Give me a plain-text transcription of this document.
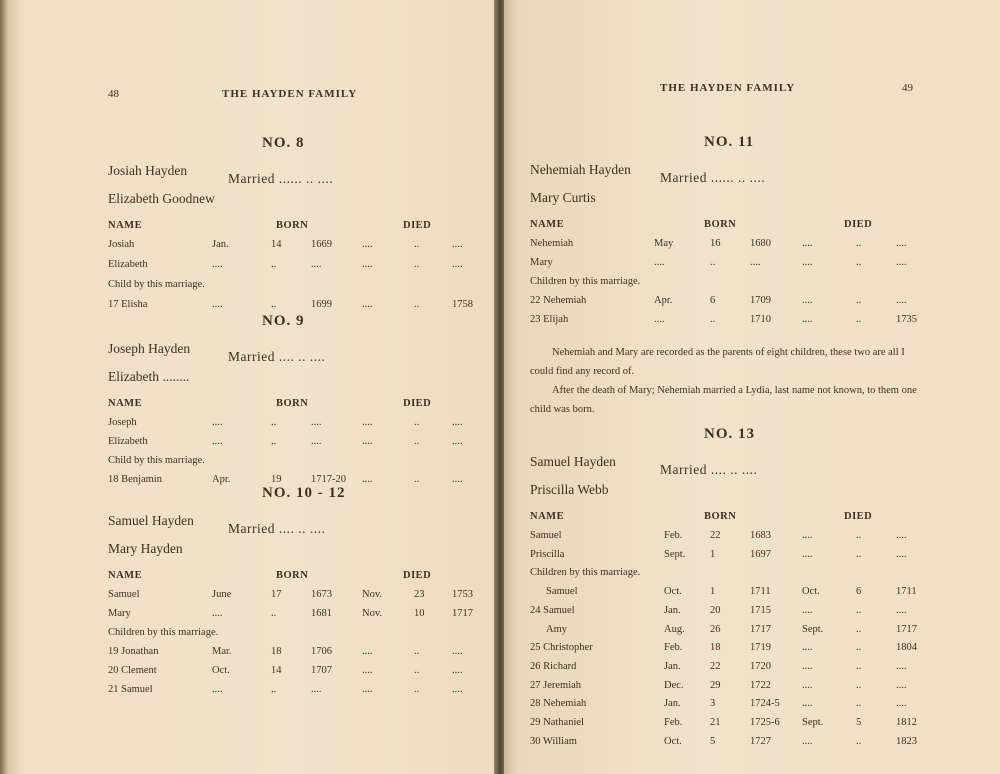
48	THE HAYDEN FAMILY
NO. 8
Josiah Hayden
Married ...... .. ....
Elizabeth Goodnew
NAME	BORN	DIED
Josiah	Jan.	14	1669	....	..	....
Elizabeth	....	..	....	....	..	....
Child by this marriage.
17 Elisha	....	..	1699	....	..	1758
NO. 9
Joseph Hayden
Married .... .. ....
Elizabeth ........
NAME	BORN	DIED
Joseph	....	..	....	....	..	....
Elizabeth	....	..	....	....	..	....
Child by this marriage.
18 Benjamin	Apr.	19	1717-20 ....	..	....
NO. 10 - 12
Samuel Hayden
Married .... .. ....
Mary Hayden
NAME	BORN	DIED
Samuel	June	17	1673	Nov.	23	1753
Mary	....	..	1681	Nov.	10	1717
Children by this marriage.
19 Jonathan	Mar.	18	1706	....	..	....
20 Clement	Oct.	14	1707	....	..	....
21 Samuel	....	..	....	....	..	....
49
THE HAYDEN FAMILY
NO. 11
Nehemiah Hayden
Married ...... .. ....
Mary Curtis
NAME	BORN	DIED
Nehemiah	May	16	1680	....	..	....
Mary	....	..	....	....	..	....
Children by this marriage.
22 Nehemiah	Apr.	6	1709	....	..	....
23 Elijah	....	..	1710	....	..	1735
Nehemiah and Mary are recorded as the parents of eight children, these two are all I could find any record of.
After the death of Mary; Nehemiah married a Lydia, last name not known, to them one child was born.
NO. 13
Samuel Hayden
Married .... .. ....
Priscilla Webb
NAME	BORN	DIED
Samuel	Feb.	22	1683	....	..	....
Priscilla	Sept. 1	1697	....	..	....
Children by this marriage.
Samuel	Oct.	1	1711	Oct.	6	1711
24 Samuel	Jan.	20	1715	....	..	....
Amy	Aug. 26	1717	Sept.	..	1717
25 Christopher	Feb.	18	1719	....	..	1804
26 Richard	Jan.	22	1720	....	..	....
27 Jeremiah	Dec.	29	1722	....	..	....
28 Nehemiah	Jan.	3	1724-5 ....	..	....
29 Nathaniel	Feb.	21	1725-6 Sept.	5	1812
30 William	Oct.	5	1727	....	..	1823
